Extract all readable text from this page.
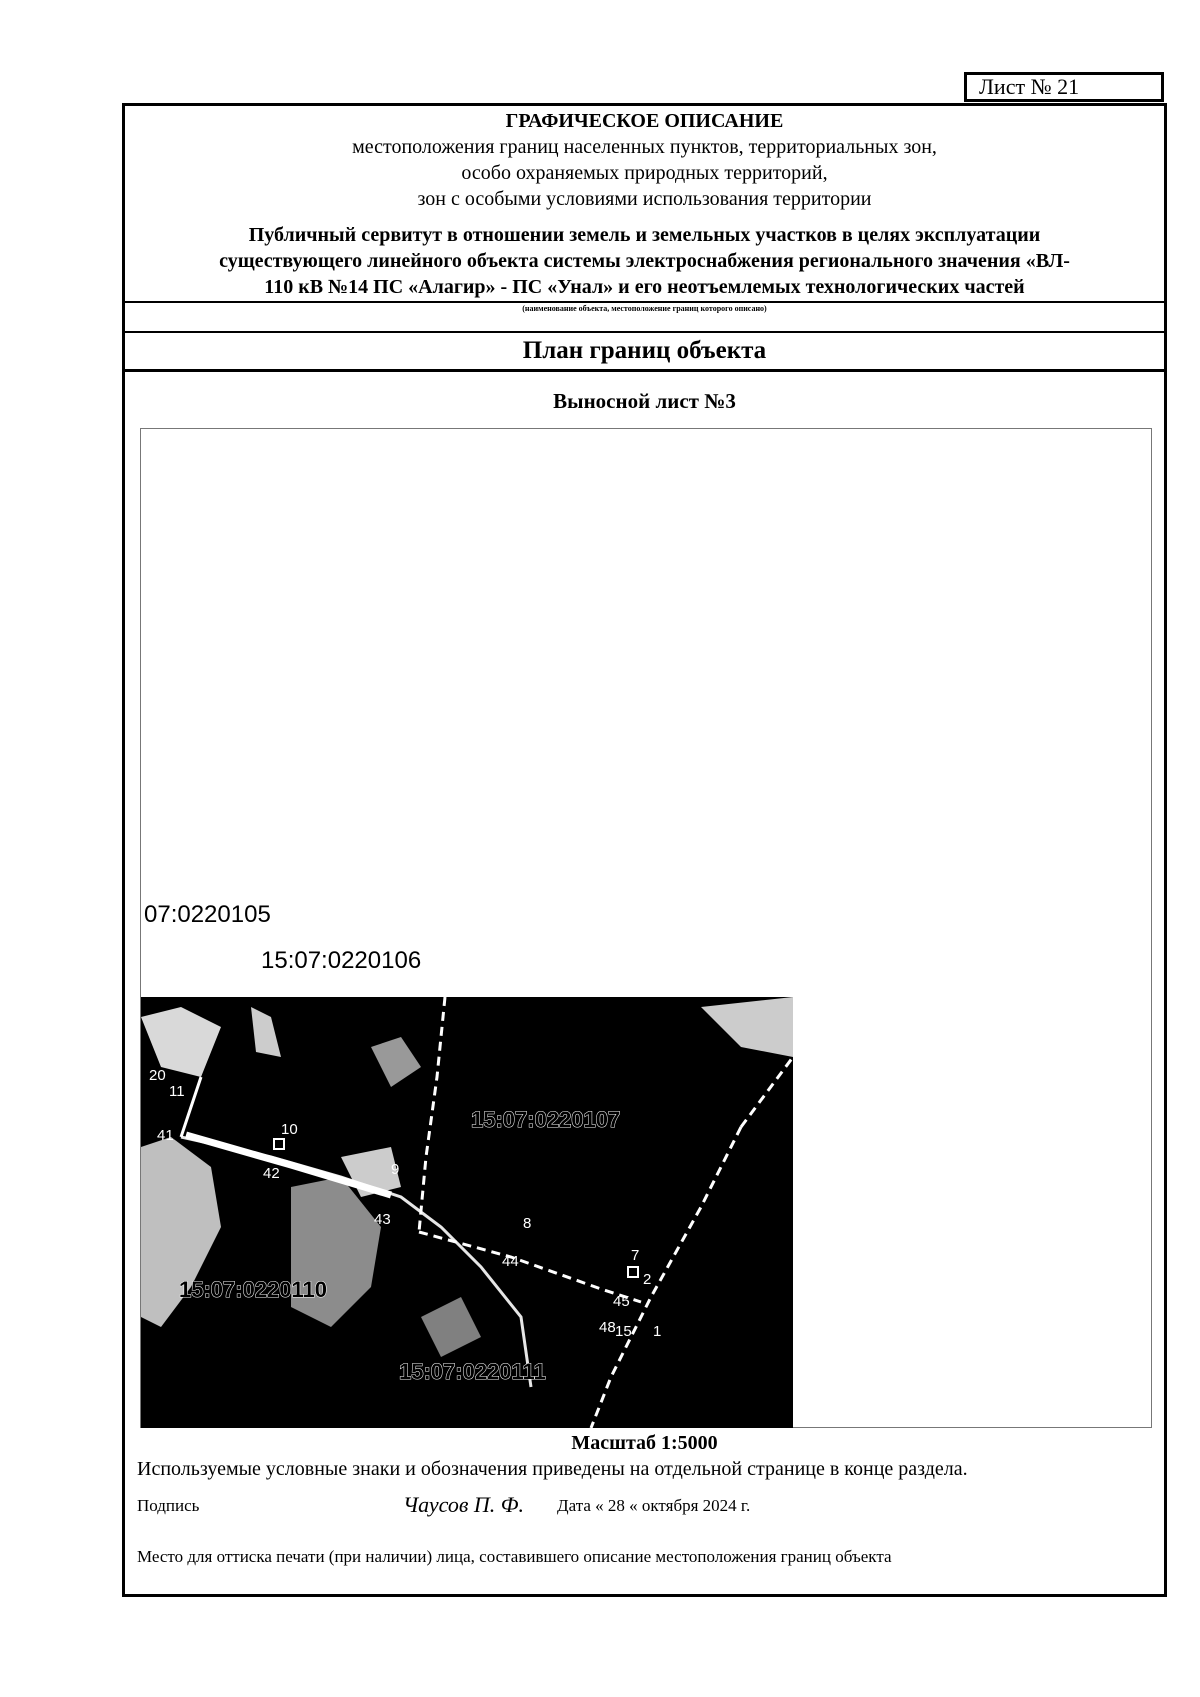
Лист № 21
ГРАФИЧЕСКОЕ ОПИСАНИЕ
местоположения границ населенных пунктов, территориальных зон,
особо охраняемых природных территорий,
зон с особыми условиями использования территории
Публичный сервитут в отношении земель и земельных участков в целях эксплуатации
существующего линейного объекта системы электроснабжения регионального значения «ВЛ-
110 кВ №14 ПС «Алагир» - ПС «Унал» и его неотъемлемых технологических частей
(наименование объекта, местоположение границ которого описано)
План границ объекта
Выносной лист №3
07:0220105
15:07:0220106
20
11
41	10
42	9
43	8
44	7
2
45
48 15 1
15:07:0220107
15:07:0220110
15:07:0220111
Масштаб 1:5000
Используемые условные знаки и обозначения приведены на отдельной странице в конце раздела.
Подпись	Чаусов П. Ф. Дата « 28 « октября 2024 г.
Место для оттиска печати (при наличии) лица, составившего описание местоположения границ объекта
